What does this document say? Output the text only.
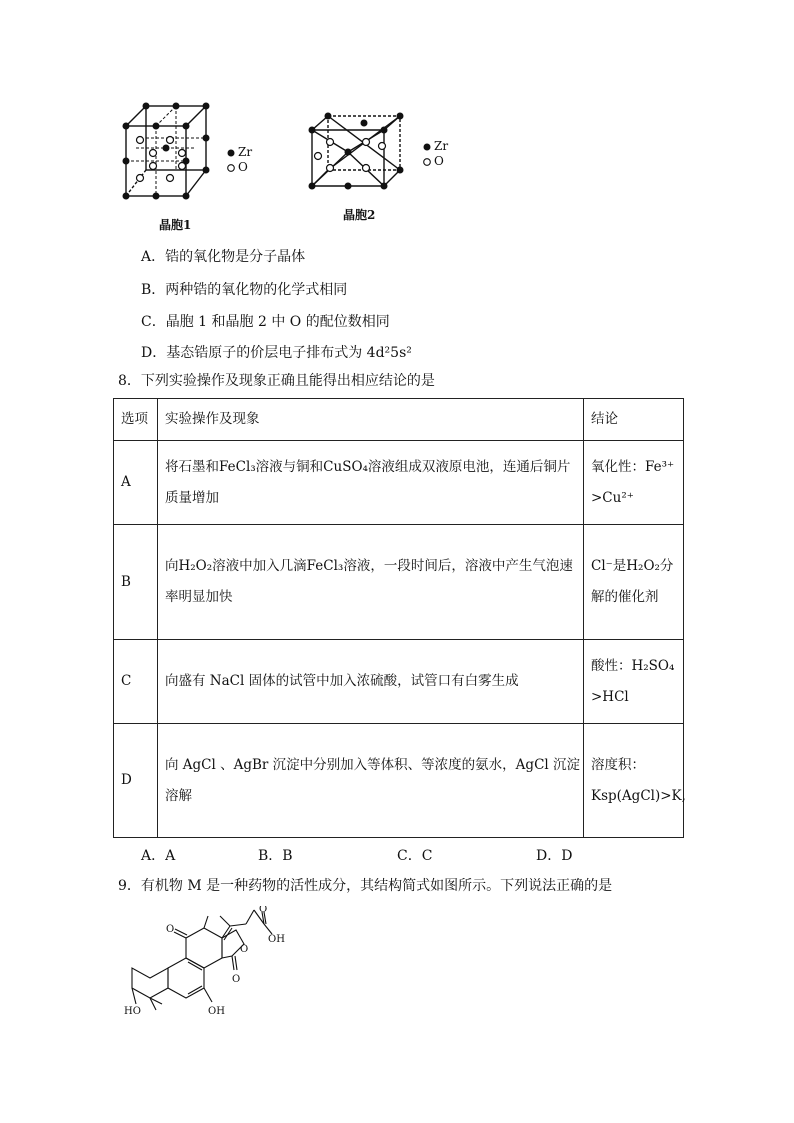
Zr
O
晶胞1
Zr
O
晶胞2
A．锆的氧化物是分子晶体
B．两种锆的氧化物的化学式相同
C．晶胞 1 和晶胞 2 中 O 的配位数相同
D．基态锆原子的价层电子排布式为 4d²5s²
8．下列实验操作及现象正确且能得出相应结论的是
选项	实验操作及现象	结论
A	将石墨和FeCl₃溶液与铜和CuSO₄溶液组成双液原电池，连通后铜片质量增加	氧化性：Fe³⁺ >Cu²⁺
B	向H₂O₂溶液中加入几滴FeCl₃溶液，一段时间后，溶液中产生气泡速率明显加快	Cl⁻是H₂O₂分解的催化剂
C	向盛有 NaCl 固体的试管中加入浓硫酸，试管口有白雾生成	酸性：H₂SO₄ >HCl
D	向 AgCl 、AgBr 沉淀中分别加入等体积、等浓度的氨水，AgCl 沉淀溶解	溶度积：Ksp(AgCl)>K,
A．A	B．B	C．C	D．D
9．有机物 M 是一种药物的活性成分，其结构简式如图所示。下列说法正确的是
O
O
O
O
OH
OH
HO
